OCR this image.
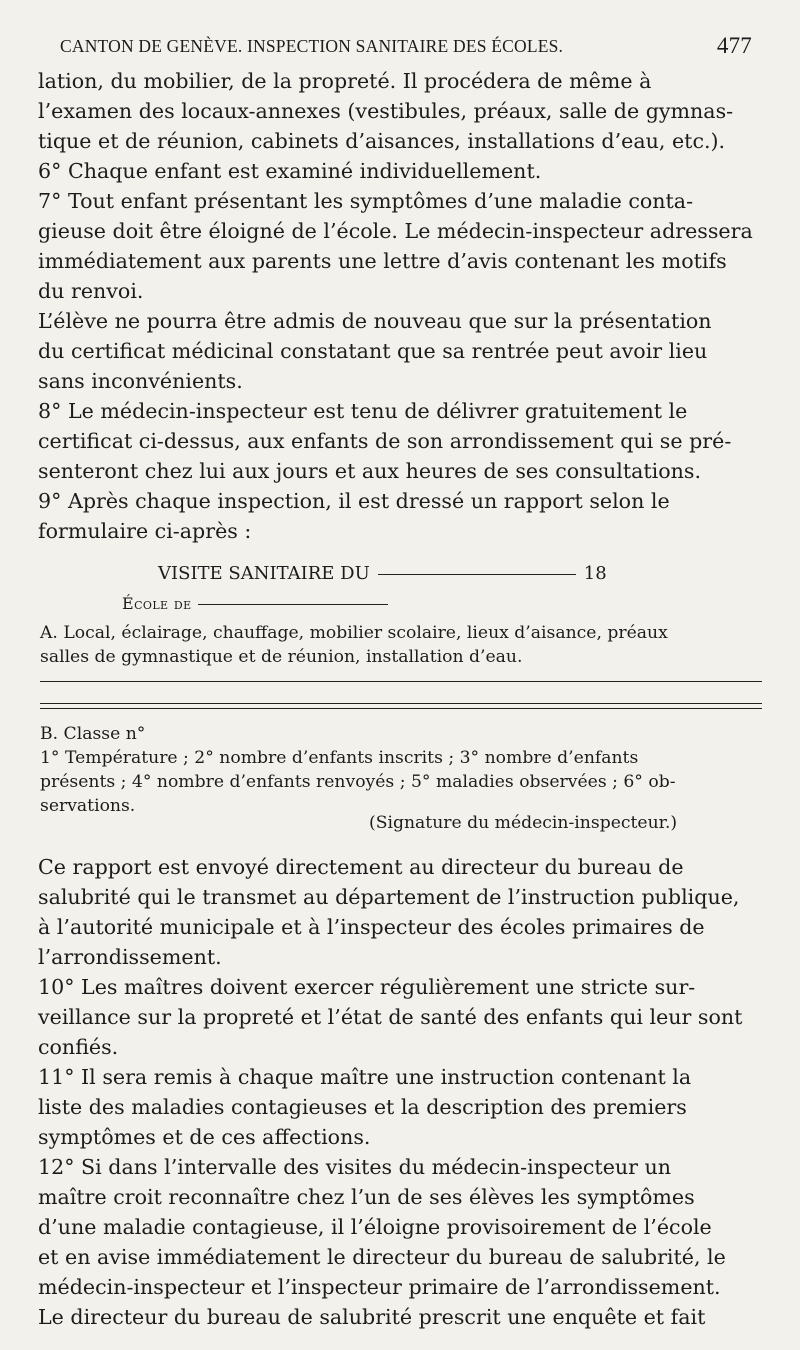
CANTON DE GENÈVE. INSPECTION SANITAIRE DES ÉCOLES.	477
lation, du mobilier, de la propreté. Il procédera de même à
l’examen des locaux-annexes (vestibules, préaux, salle de gymnas-
tique et de réunion, cabinets d’aisances, installations d’eau, etc.).
6° Chaque enfant est examiné individuellement.
7° Tout enfant présentant les symptômes d’une maladie conta-
gieuse doit être éloigné de l’école. Le médecin-inspecteur adressera
immédiatement aux parents une lettre d’avis contenant les motifs
du renvoi.
L’élève ne pourra être admis de nouveau que sur la présentation
du certificat médicinal constatant que sa rentrée peut avoir lieu
sans inconvénients.
8° Le médecin-inspecteur est tenu de délivrer gratuitement le
certificat ci-dessus, aux enfants de son arrondissement qui se pré-
senteront chez lui aux jours et aux heures de ses consultations.
9° Après chaque inspection, il est dressé un rapport selon le
formulaire ci-après :
VISITE SANITAIRE DU	18
École de
A. Local, éclairage, chauffage, mobilier scolaire, lieux d’aisance, préaux
salles de gymnastique et de réunion, installation d’eau.
B. Classe n°
1° Température ; 2° nombre d’enfants inscrits ; 3° nombre d’enfants
présents ; 4° nombre d’enfants renvoyés ; 5° maladies observées ; 6° ob-
servations.
(Signature du médecin-inspecteur.)
Ce rapport est envoyé directement au directeur du bureau de
salubrité qui le transmet au département de l’instruction publique,
à l’autorité municipale et à l’inspecteur des écoles primaires de
l’arrondissement.
10° Les maîtres doivent exercer régulièrement une stricte sur-
veillance sur la propreté et l’état de santé des enfants qui leur sont
confiés.
11° Il sera remis à chaque maître une instruction contenant la
liste des maladies contagieuses et la description des premiers
symptômes et de ces affections.
12° Si dans l’intervalle des visites du médecin-inspecteur un
maître croit reconnaître chez l’un de ses élèves les symptômes
d’une maladie contagieuse, il l’éloigne provisoirement de l’école
et en avise immédiatement le directeur du bureau de salubrité, le
médecin-inspecteur et l’inspecteur primaire de l’arrondissement.
Le directeur du bureau de salubrité prescrit une enquête et fait
